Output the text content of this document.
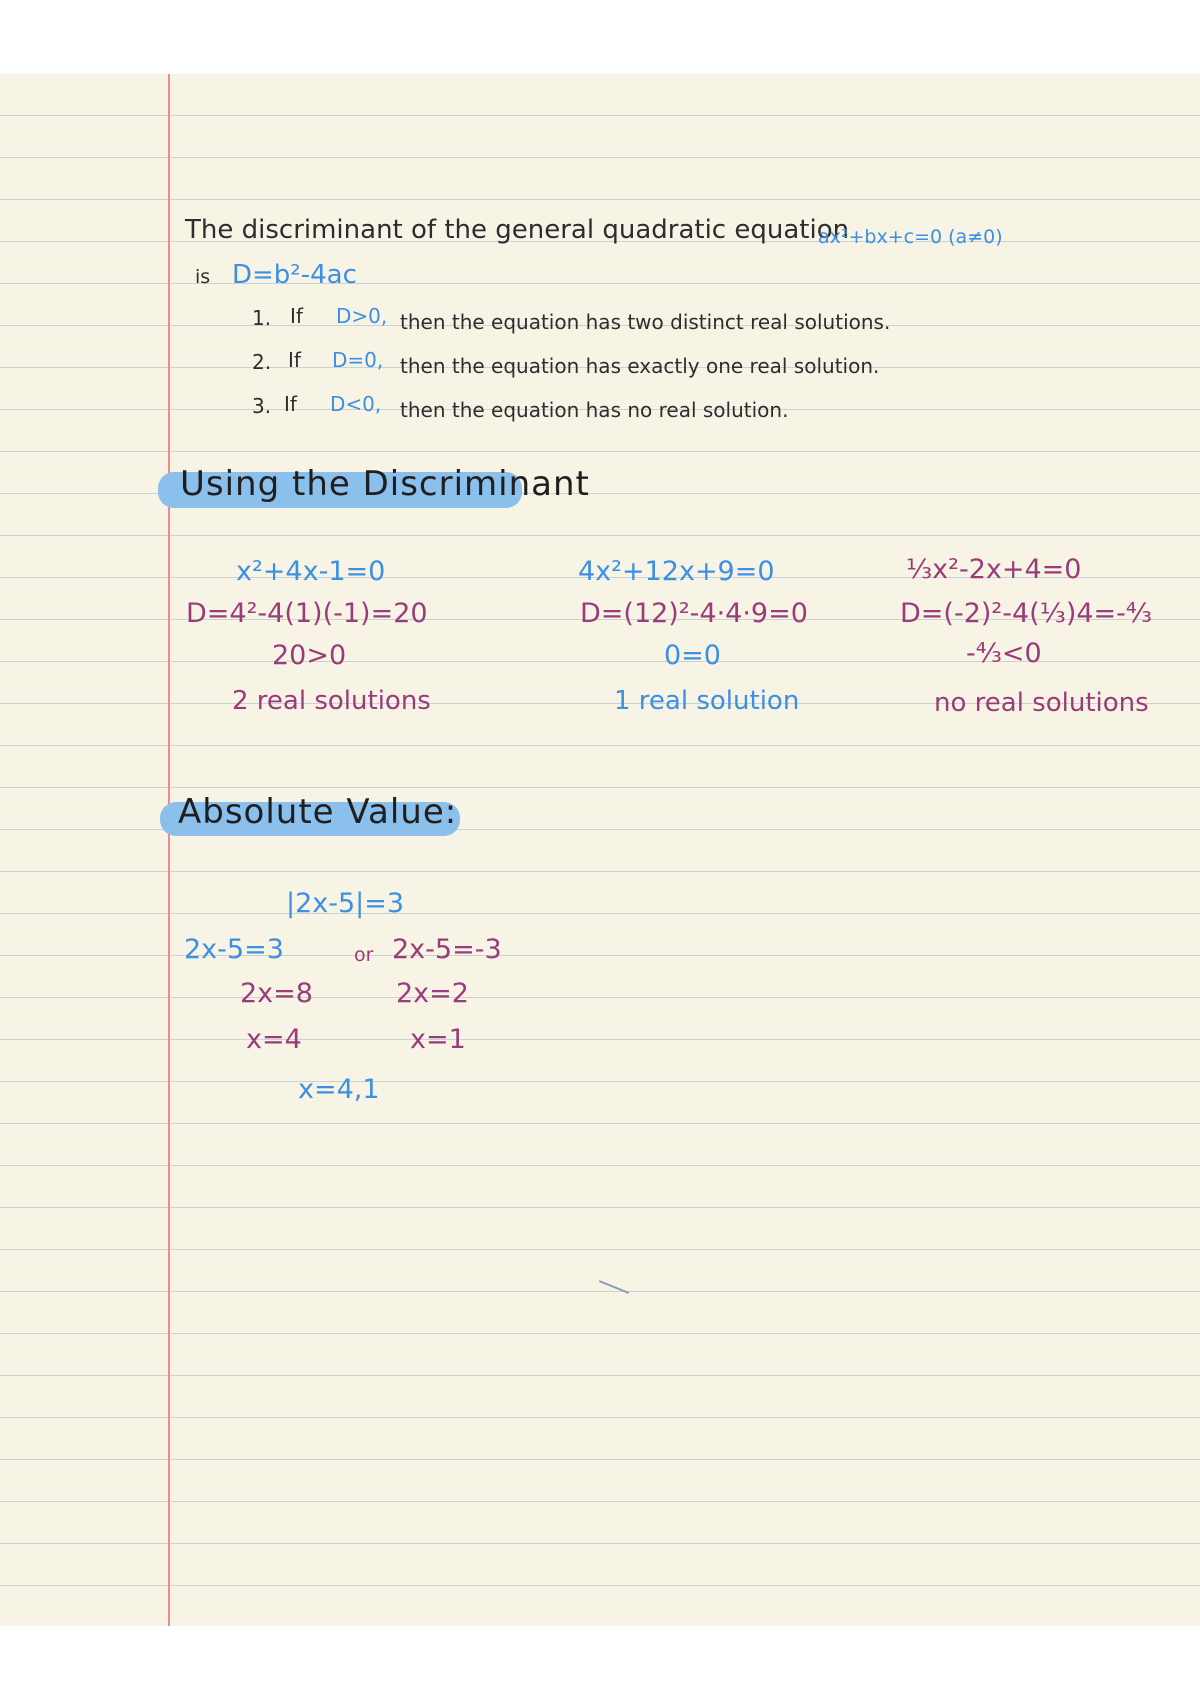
The discriminant of the general quadratic equation
ax²+bx+c=0 (a≠0)
is D=b²-4ac
1. If D>0, then the equation has two distinct real solutions.
2. If D=0, then the equation has exactly one real solution.
3. If D<0, then the equation has no real solution.
Using the Discriminant
x²+4x-1=0
D=4²-4(1)(-1)=20
20>0
2 real solutions
4x²+12x+9=0
D=(12)²-4·4·9=0
0=0
1 real solution
⅓x²-2x+4=0
D=(-2)²-4(⅓)4=-⁴⁄₃
-⁴⁄₃<0
no real solutions
Absolute Value:
|2x-5|=3
2x-5=3	or 2x-5=-3
2x=8	2x=2
x=4	x=1
x=4,1
